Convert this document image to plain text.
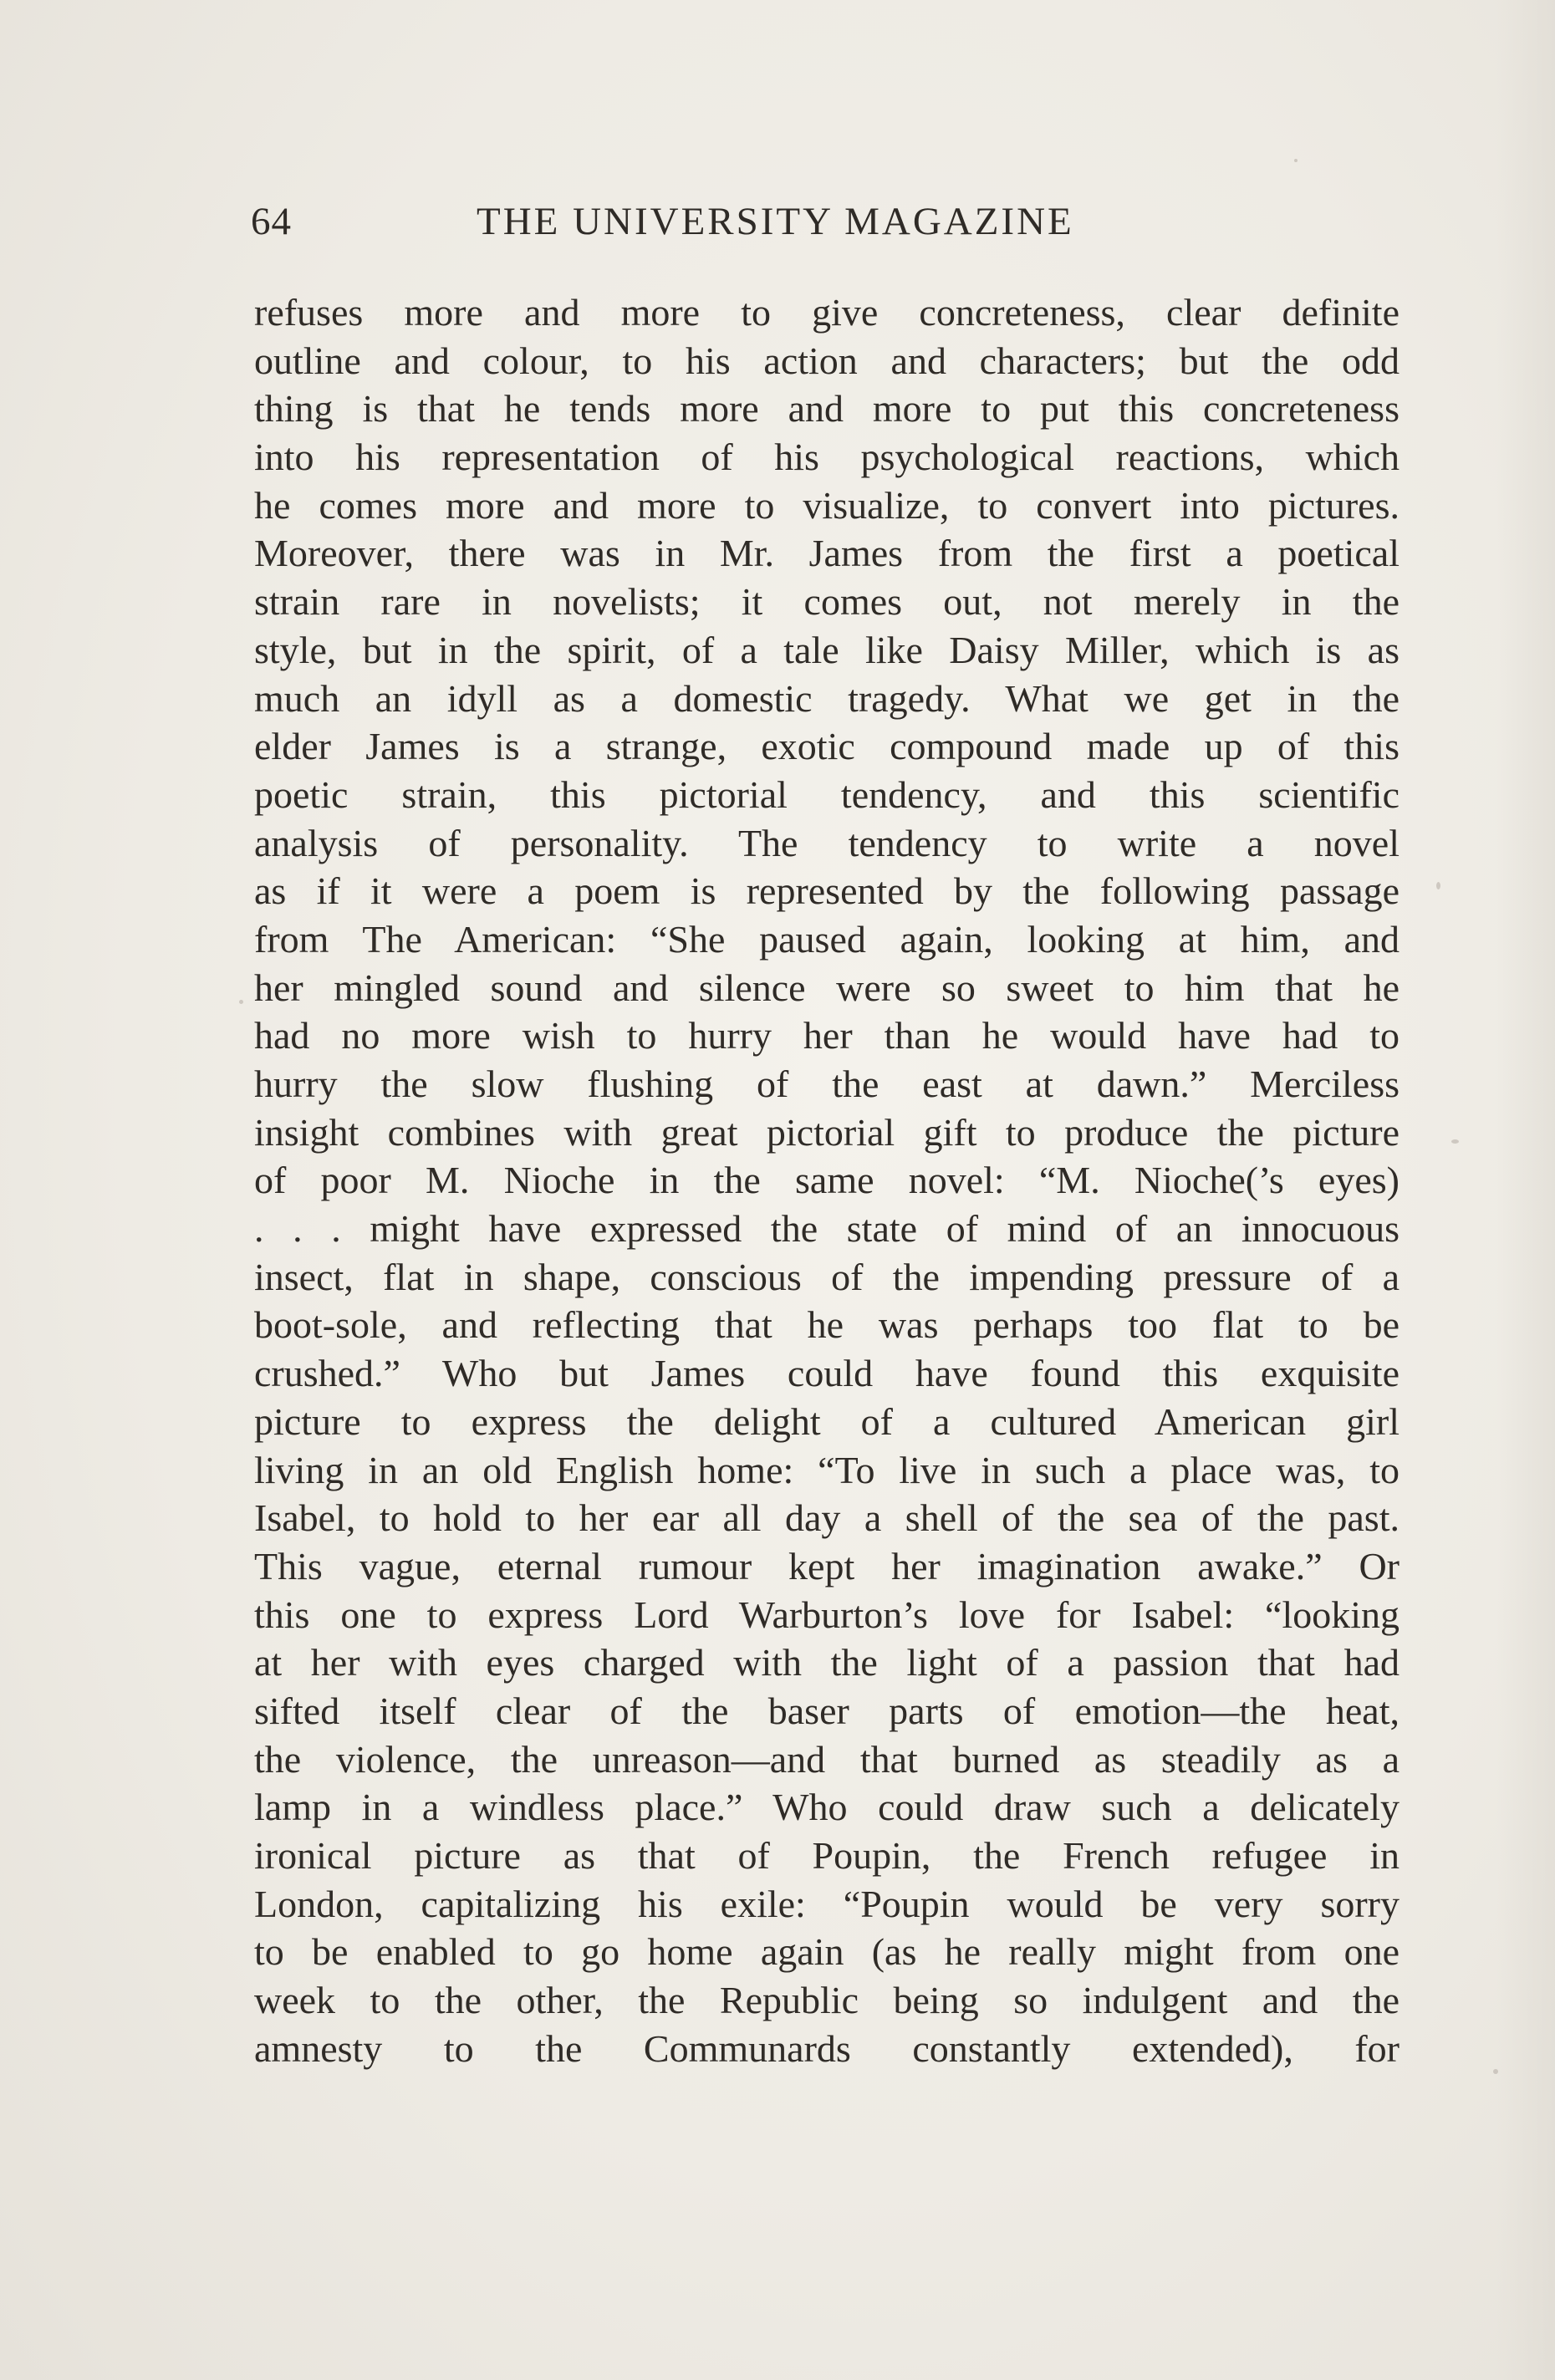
64	THE UNIVERSITY MAGAZINE
refuses more and more to give concreteness, clear definite
outline and colour, to his action and characters; but the odd
thing is that he tends more and more to put this concreteness
into his representation of his psychological reactions, which
he comes more and more to visualize, to convert into pictures.
Moreover, there was in Mr. James from the first a poetical
strain rare in novelists; it comes out, not merely in the
style, but in the spirit, of a tale like Daisy Miller, which is as
much an idyll as a domestic tragedy. What we get in the
elder James is a strange, exotic compound made up of this
poetic strain, this pictorial tendency, and this scientific
analysis of personality. The tendency to write a novel
as if it were a poem is represented by the following passage
from The American: “She paused again, looking at him, and
her mingled sound and silence were so sweet to him that he
had no more wish to hurry her than he would have had to
hurry the slow flushing of the east at dawn.” Merciless
insight combines with great pictorial gift to produce the picture
of poor M. Nioche in the same novel: “M. Nioche(’s eyes)
. . . might have expressed the state of mind of an innocuous
insect, flat in shape, conscious of the impending pressure of a
boot-sole, and reflecting that he was perhaps too flat to be
crushed.” Who but James could have found this exquisite
picture to express the delight of a cultured American girl
living in an old English home: “To live in such a place was, to
Isabel, to hold to her ear all day a shell of the sea of the past.
This vague, eternal rumour kept her imagination awake.” Or
this one to express Lord Warburton’s love for Isabel: “looking
at her with eyes charged with the light of a passion that had
sifted itself clear of the baser parts of emotion—the heat,
the violence, the unreason—and that burned as steadily as a
lamp in a windless place.” Who could draw such a delicately
ironical picture as that of Poupin, the French refugee in
London, capitalizing his exile: “Poupin would be very sorry
to be enabled to go home again (as he really might from one
week to the other, the Republic being so indulgent and the
amnesty to the Communards constantly extended), for
